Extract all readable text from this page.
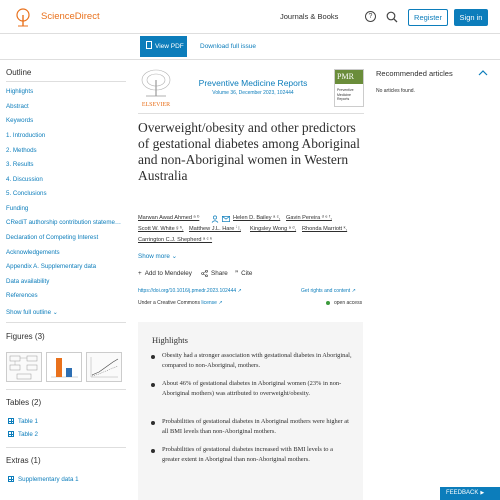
ScienceDirect	Journals & Books	?	Register	Sign in
View PDF	Download full issue
Outline
Highlights
Abstract
Keywords
1. Introduction
2. Methods
3. Results
4. Discussion
5. Conclusions
Funding
CRediT authorship contribution stateme…
Declaration of Competing Interest
Acknowledgements
Appendix A. Supplementary data
Data availability
References
Show full outline ⌄
Figures (3)
Tables (2)
Table 1
Table 2
Extras (1)
Supplementary data 1
ELSEVIER
Preventive Medicine Reports
Volume 36, December 2023, 102444
PMR
Preventive Medicine Reports
Overweight/obesity and other predictors of gestational diabetes among Aboriginal and non-Aboriginal women in Western Australia
Marwan Awad Ahmed ᵃ ᵇ	Helen D. Bailey ᵃ ᶜ, Gavin Pereira ᵈ ᵉ ᶠ,
Scott W. White ᵍ ʰ, Matthew J.L. Hare ⁱ ʲ, Kingsley Wong ᵃ ᵈ, Rhonda Marriott ᵏ,
Carrington C.J. Shepherd ᵃ ᶜ ᵏ
Show more ⌄
+ Add to Mendeley	Share ” Cite
https://doi.org/10.1016/j.pmedr.2023.102444 ↗	Get rights and content ↗
Under a Creative Commons license ↗	open access
Highlights
Obesity had a stronger association with gestational diabetes in Aboriginal, compared to non-Aboriginal, mothers.
About 46% of gestational diabetes in Aboriginal women (23% in non-Aboriginal mothers) was attributed to overweight/obesity.
Probabilities of gestational diabetes in Aboriginal mothers were higher at all BMI levels than non-Aboriginal mothers.
Probabilities of gestational diabetes increased with BMI levels to a greater extent in Aboriginal than non-Aboriginal mothers.
Recommended articles
No articles found.
FEEDBACK ▶
